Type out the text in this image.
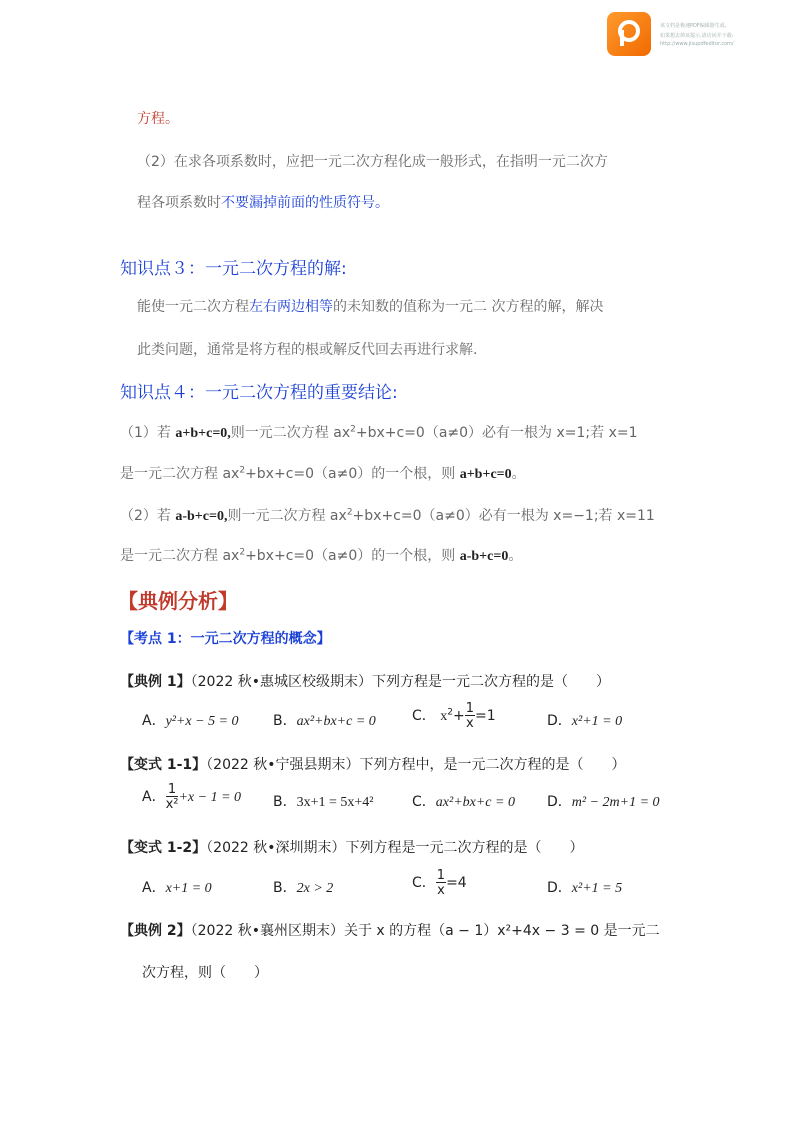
该文档是极速PDF编辑器生成,
如果想去掉该提示,请访问并下载:
http://www.jisupdfeditor.com/
方程。
（2）在求各项系数时，应把一元二次方程化成一般形式，在指明一元二次方
程各项系数时不要漏掉前面的性质符号。
知识点３：一元二次方程的解:
能使一元二次方程左右两边相等的未知数的值称为一元二 次方程的解，解决
此类问题，通常是将方程的根或解反代回去再进行求解.
知识点４：一元二次方程的重要结论:
（1）若 a+b+c=0,则一元二次方程 $ax^2+bx+c=0(a\ne 0)$必有一根为 x=1;若 x=1
是一元二次方程 $ax^2+bx+c=0(a\ne 0)$的一个根，则 a+b+c=0。
（2）若 a-b+c=0,则一元二次方程 $ax^2+bx+c=0(a\ne 0)$必有一根为 x=−1;若 x=11
是一元二次方程 $ax^2+bx+c=0(a\ne 0)$的一个根，则 a-b+c=0。
【典例分析】
【考点 1：一元二次方程的概念】
【典例 1】（2022 秋•惠城区校级期末）下列方程是一元二次方程的是（　　）
A．y²+x − 5 = 0 B．ax²+bx+c = 0	C． $x^2+ \frac{1}{x} =1$	D．x²+1 = 0
【变式 1-1】（2022 秋•宁强县期末）下列方程中，是一元二次方程的是（　　）
A． $\frac{1}{\text{x²}} +x - 1 = 0$ B．3x+1 = 5x+4²	C．ax²+bx+c = 0 D．m² − 2m+1 = 0
【变式 1-2】（2022 秋•深圳期末）下列方程是一元二次方程的是（　　）
A．x+1 = 0	B．2x > 2	C． $\frac{1}{x} =4$	D．x²+1 = 5
【典例 2】（2022 秋•襄州区期末）关于 x 的方程（a − 1）x²+4x − 3 = 0 是一元二
次方程，则（　　）
